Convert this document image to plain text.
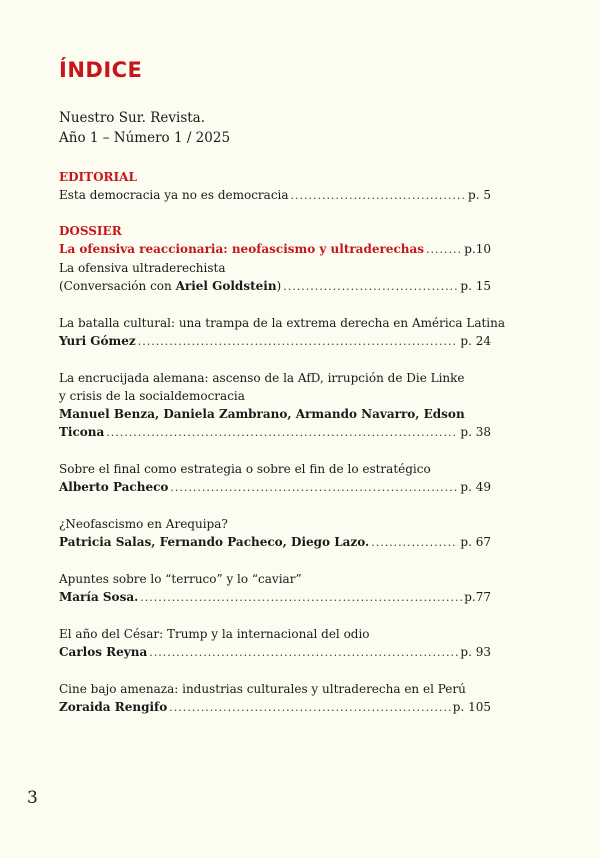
ÍNDICE
Nuestro Sur. Revista.
Año 1 – Número 1 / 2025
EDITORIAL
Esta democracia ya no es democracia .....	p. 5
DOSSIER
La ofensiva reaccionaria: neofascismo y ultraderechas .....	p.10
La ofensiva ultraderechista
(Conversación con Ariel Goldstein) .....	p. 15
La batalla cultural: una trampa de la extrema derecha en América Latina
Yuri Gómez .....	p. 24
La encrucijada alemana: ascenso de la AfD, irrupción de Die Linke
y crisis de la socialdemocracia
Manuel Benza, Daniela Zambrano, Armando Navarro, Edson
Ticona .....	p. 38
Sobre el final como estrategia o sobre el fin de lo estratégico
Alberto Pacheco .....	p. 49
¿Neofascismo en Arequipa?
Patricia Salas, Fernando Pacheco, Diego Lazo. .....	p. 67
Apuntes sobre lo “terruco” y lo “caviar”
María Sosa. .....	p.77
El año del César: Trump y la internacional del odio
Carlos Reyna .....	p. 93
Cine bajo amenaza: industrias culturales y ultraderecha en el Perú
Zoraida Rengifo .....	p. 105
3
